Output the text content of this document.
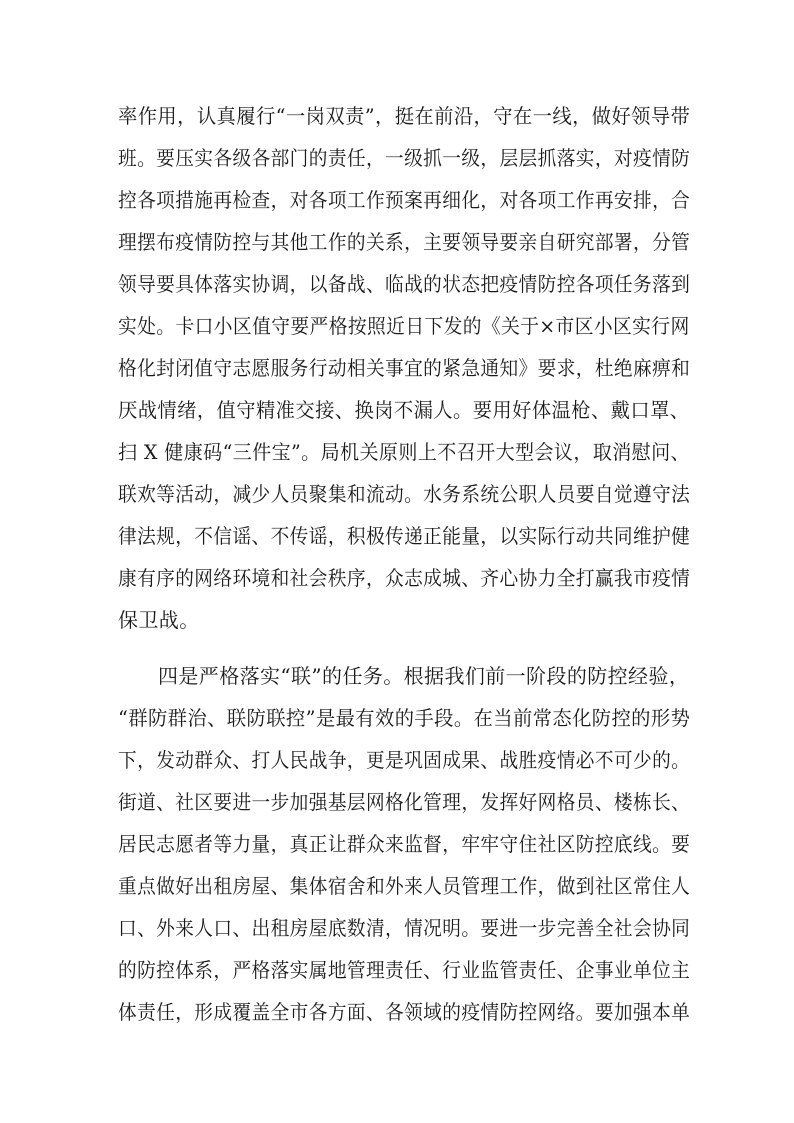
率作用，认真履行“一岗双责”，挺在前沿，守在一线，做好领导带
班。要压实各级各部门的责任，一级抓一级，层层抓落实，对疫情防
控各项措施再检查，对各项工作预案再细化，对各项工作再安排，合
理摆布疫情防控与其他工作的关系，主要领导要亲自研究部署，分管
领导要具体落实协调，以备战、临战的状态把疫情防控各项任务落到
实处。卡口小区值守要严格按照近日下发的《关于×市区小区实行网
格化封闭值守志愿服务行动相关事宜的紧急通知》要求，杜绝麻痹和
厌战情绪，值守精准交接、换岗不漏人。要用好体温枪、戴口罩、
扫 X 健康码“三件宝”。局机关原则上不召开大型会议，取消慰问、
联欢等活动，减少人员聚集和流动。水务系统公职人员要自觉遵守法
律法规，不信谣、不传谣，积极传递正能量，以实际行动共同维护健
康有序的网络环境和社会秩序，众志成城、齐心协力全打赢我市疫情
保卫战。
四是严格落实“联”的任务。根据我们前一阶段的防控经验，
“群防群治、联防联控”是最有效的手段。在当前常态化防控的形势
下，发动群众、打人民战争，更是巩固成果、战胜疫情必不可少的。
街道、社区要进一步加强基层网格化管理，发挥好网格员、楼栋长、
居民志愿者等力量，真正让群众来监督，牢牢守住社区防控底线。要
重点做好出租房屋、集体宿舍和外来人员管理工作，做到社区常住人
口、外来人口、出租房屋底数清，情况明。要进一步完善全社会协同
的防控体系，严格落实属地管理责任、行业监管责任、企事业单位主
体责任，形成覆盖全市各方面、各领域的疫情防控网络。要加强本单
